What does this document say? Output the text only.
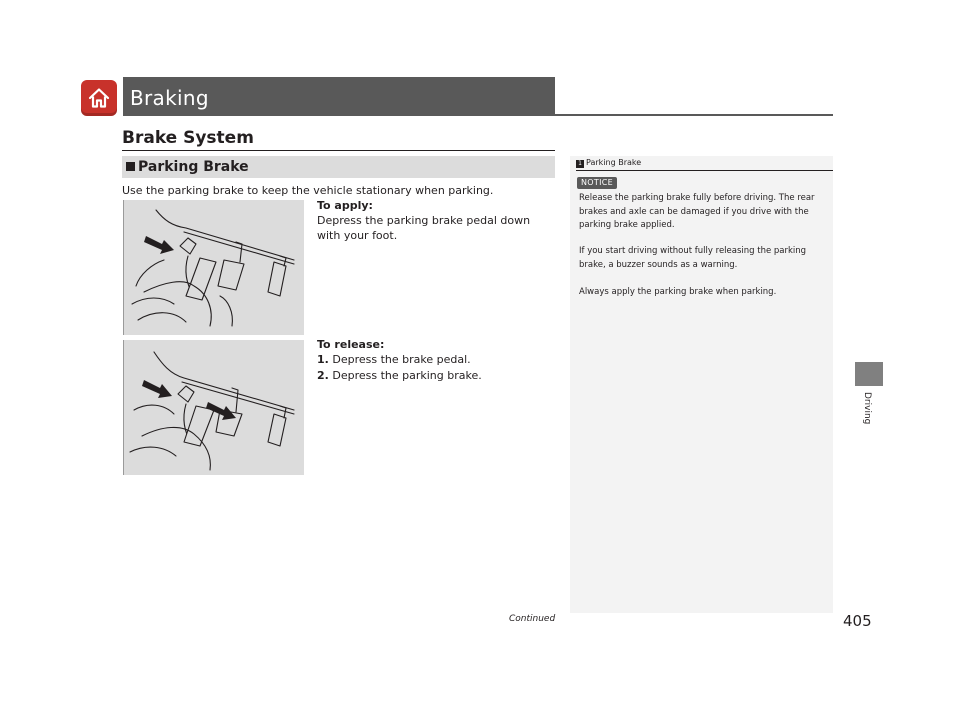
Braking
Brake System
Parking Brake
Use the parking brake to keep the vehicle stationary when parking.
To apply:
Depress the parking brake pedal down with your foot.
To release:
1. Depress the brake pedal.
2. Depress the parking brake.
1 Parking Brake
NOTICE
Release the parking brake fully before driving. The rear brakes and axle can be damaged if you drive with the parking brake applied.
If you start driving without fully releasing the parking brake, a buzzer sounds as a warning.
Always apply the parking brake when parking.
Driving
Continued	405
